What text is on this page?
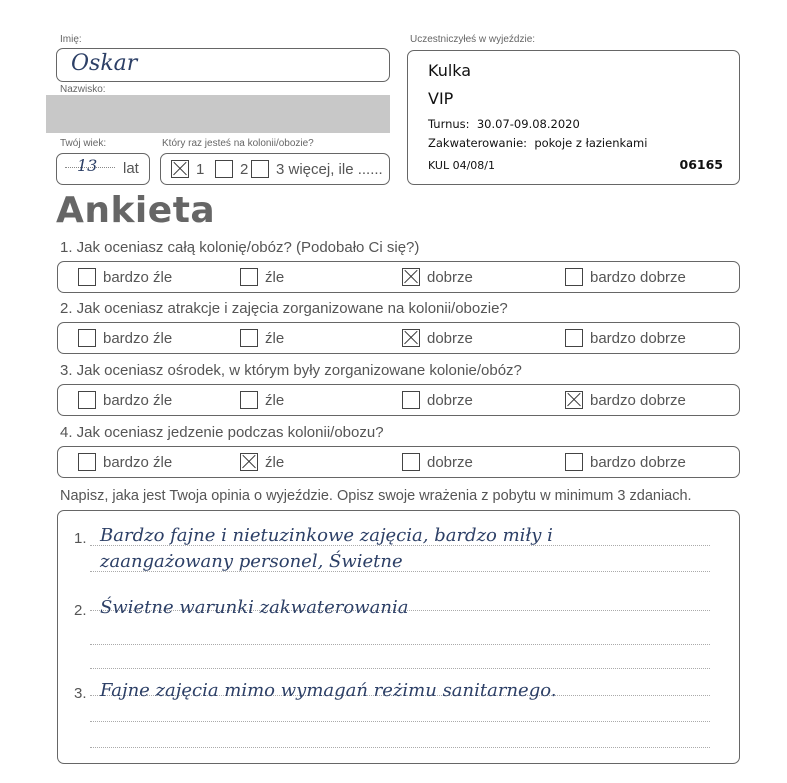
Imię:
Oskar
Nazwisko:
Twój wiek:	Który raz jesteś na kolonii/obozie?
13 lat	1 2 3 więcej, ile ......
Uczestniczyłeś w wyjeździe:
Kulka
VIP
Turnus: 30.07-09.08.2020
Zakwaterowanie: pokoje z łazienkami
KUL 04/08/1	06165
Ankieta
1. Jak oceniasz całą kolonię/obóz? (Podobało Ci się?)
bardzo źle	źle	dobrze	bardzo dobrze
2. Jak oceniasz atrakcje i zajęcia zorganizowane na kolonii/obozie?
bardzo źle	źle	dobrze	bardzo dobrze
3. Jak oceniasz ośrodek, w którym były zorganizowane kolonie/obóz?
bardzo źle	źle	dobrze	bardzo dobrze
4. Jak oceniasz jedzenie podczas kolonii/obozu?
bardzo źle	źle	dobrze	bardzo dobrze
Napisz, jaka jest Twoja opinia o wyjeździe. Opisz swoje wrażenia z pobytu w minimum 3 zdaniach.
1. Bardzo fajne i nietuzinkowe zajęcia, bardzo miły i
zaangażowany personel, Świetne
2. Świetne warunki zakwaterowania
3. Fajne zajęcia mimo wymagań reżimu sanitarnego.
